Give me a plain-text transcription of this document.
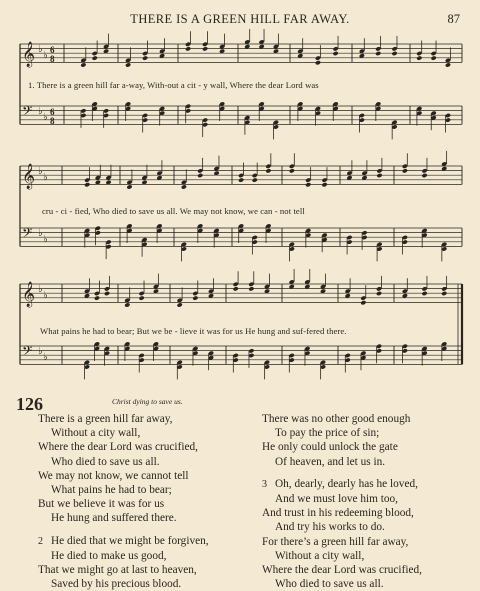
THERE IS A GREEN HILL FAR AWAY.	87
𝄞 ♭
♭ 6
8
𝄢 ♭
♭ 6
8
𝄞 ♭
♭
𝄢 ♭
♭
𝄞 ♭
♭
𝄢 ♭
♭
1. There is a green hill far a-way, With-out a cit - y wall, Where the dear Lord was
cru - ci - fied, Who died to save us all. We may not know, we can - not tell
What pains he had to bear; But we be - lieve it was for us He hung and suf-fered there.
126	Christ dying to save us.
There is a green hill far away,
Without a city wall,
Where the dear Lord was crucified,
Who died to save us all.
We may not know, we cannot tell
What pains he had to bear;
But we believe it was for us
He hung and suffered there.
2 He died that we might be forgiven,
He died to make us good,
That we might go at last to heaven,
Saved by his precious blood.
There was no other good enough
To pay the price of sin;
He only could unlock the gate
Of heaven, and let us in.
3 Oh, dearly, dearly has he loved,
And we must love him too,
And trust in his redeeming blood,
And try his works to do.
For there’s a green hill far away,
Without a city wall,
Where the dear Lord was crucified,
Who died to save us all.
